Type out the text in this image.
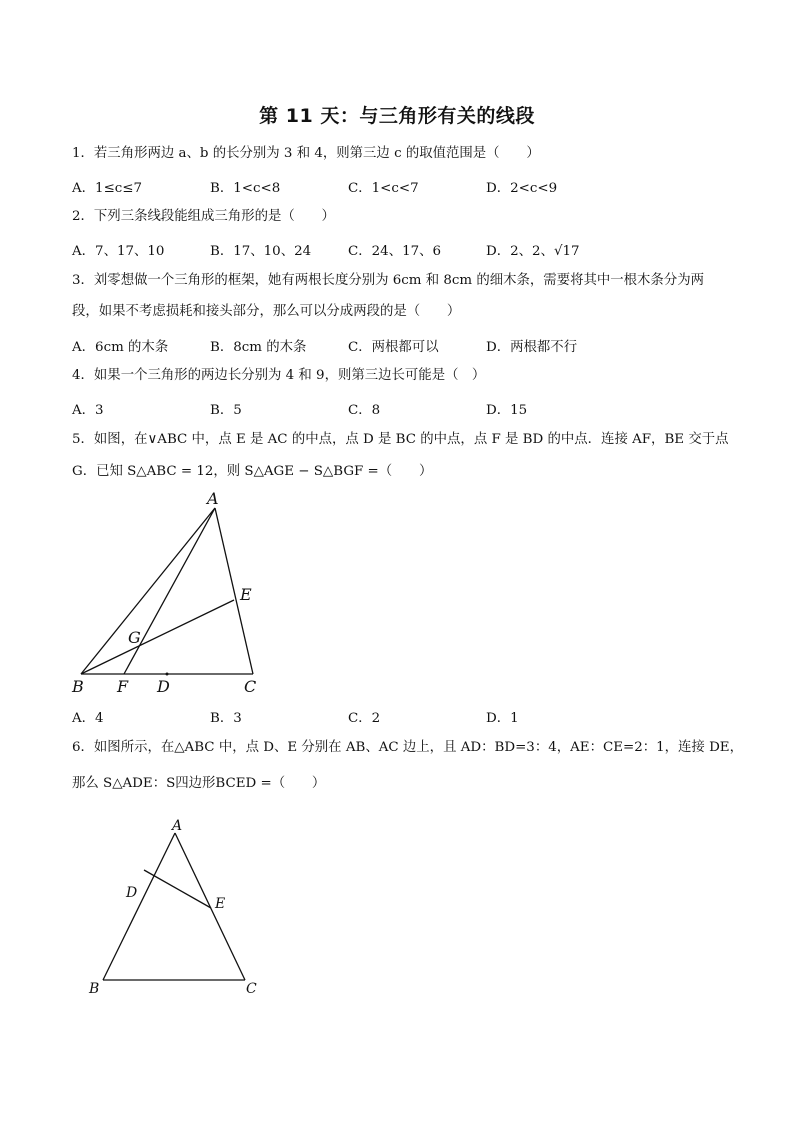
第 11 天：与三角形有关的线段
1．若三角形两边 a、b 的长分别为 3 和 4，则第三边 c 的取值范围是（　　）
A．1≤c≤7	B．1<c<8	C．1<c<7	D．2<c<9
2．下列三条线段能组成三角形的是（　　）
A．7、17、10	B．17、10、24	C．24、17、6	D．2、2、√17
3．刘零想做一个三角形的框架，她有两根长度分别为 6cm 和 8cm 的细木条，需要将其中一根木条分为两
段，如果不考虑损耗和接头部分，那么可以分成两段的是（　　）
A．6cm 的木条	B．8cm 的木条	C．两根都可以	D．两根都不行
4．如果一个三角形的两边长分别为 4 和 9，则第三边长可能是（　）
A．3	B．5	C．8	D．15
5．如图，在∨ABC 中，点 E 是 AC 的中点，点 D 是 BC 的中点，点 F 是 BD 的中点．连接 AF，BE 交于点
G．已知 S△ABC = 12，则 S△AGE − S△BGF =（　　）
A
E
G
B F D	C
A．4	B．3	C．2	D．1
6．如图所示，在△ABC 中，点 D、E 分别在 AB、AC 边上，且 AD：BD=3：4，AE：CE=2：1，连接 DE，
那么 S△ADE：S四边形BCED =（　　）
A
D
E
B	C
